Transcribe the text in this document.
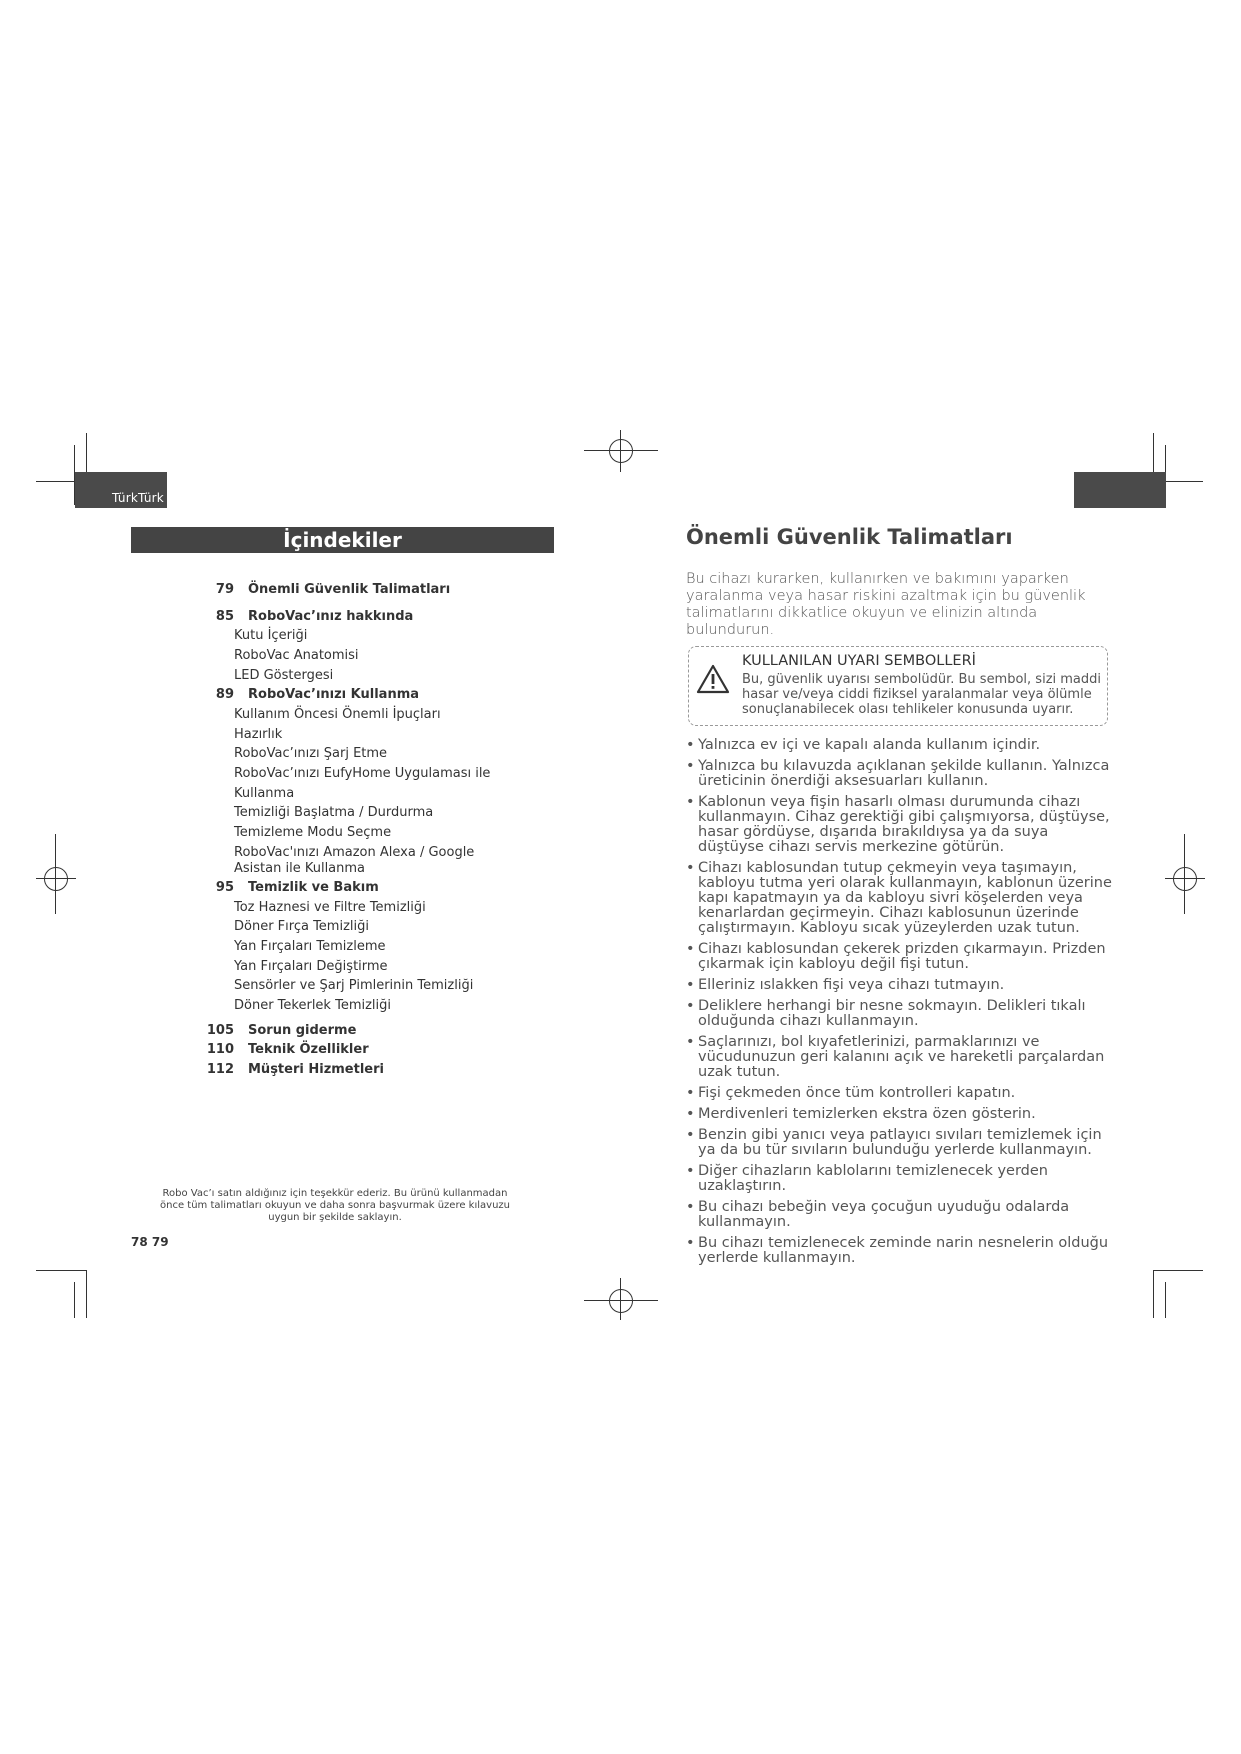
TürkTürk
İçindekiler
79 Önemli Güvenlik Talimatları
85 RoboVac’ınız hakkında
Kutu İçeriği
RoboVac Anatomisi
LED Göstergesi
89 RoboVac’ınızı Kullanma
Kullanım Öncesi Önemli İpuçları
Hazırlık
RoboVac’ınızı Şarj Etme
RoboVac’ınızı EufyHome Uygulaması ile
Kullanma
Temizliği Başlatma / Durdurma
Temizleme Modu Seçme
RoboVac'ınızı Amazon Alexa / Google
Asistan ile Kullanma
95 Temizlik ve Bakım
Toz Haznesi ve Filtre Temizliği
Döner Fırça Temizliği
Yan Fırçaları Temizleme
Yan Fırçaları Değiştirme
Sensörler ve Şarj Pimlerinin Temizliği
Döner Tekerlek Temizliği
105 Sorun giderme
110 Teknik Özellikler
112 Müşteri Hizmetleri
Robo Vac’ı satın aldığınız için teşekkür ederiz. Bu ürünü kullanmadan
önce tüm talimatları okuyun ve daha sonra başvurmak üzere kılavuzu
uygun bir şekilde saklayın.
78 79
Önemli Güvenlik Talimatları
Bu cihazı kurarken, kullanırken ve bakımını yaparken yaralanma veya hasar riskini azaltmak için bu güvenlik talimatlarını dikkatlice okuyun ve elinizin altında bulundurun.
KULLANILAN UYARI SEMBOLLERİ
Bu, güvenlik uyarısı sembolüdür. Bu sembol, sizi maddi hasar ve/veya ciddi fiziksel yaralanmalar veya ölümle sonuçlanabilecek olası tehlikeler konusunda uyarır.
• Yalnızca ev içi ve kapalı alanda kullanım içindir.
• Yalnızca bu kılavuzda açıklanan şekilde kullanın. Yalnızca üreticinin önerdiği aksesuarları kullanın.
• Kablonun veya fişin hasarlı olması durumunda cihazı kullanmayın. Cihaz gerektiği gibi çalışmıyorsa, düştüyse, hasar gördüyse, dışarıda bırakıldıysa ya da suya düştüyse cihazı servis merkezine götürün.
• Cihazı kablosundan tutup çekmeyin veya taşımayın, kabloyu tutma yeri olarak kullanmayın, kablonun üzerine kapı kapatmayın ya da kabloyu sivri köşelerden veya kenarlardan geçirmeyin. Cihazı kablosunun üzerinde çalıştırmayın. Kabloyu sıcak yüzeylerden uzak tutun.
• Cihazı kablosundan çekerek prizden çıkarmayın. Prizden çıkarmak için kabloyu değil fişi tutun.
• Elleriniz ıslakken fişi veya cihazı tutmayın.
• Deliklere herhangi bir nesne sokmayın. Delikleri tıkalı olduğunda cihazı kullanmayın.
• Saçlarınızı, bol kıyafetlerinizi, parmaklarınızı ve vücudunuzun geri kalanını açık ve hareketli parçalardan uzak tutun.
• Fişi çekmeden önce tüm kontrolleri kapatın.
• Merdivenleri temizlerken ekstra özen gösterin.
• Benzin gibi yanıcı veya patlayıcı sıvıları temizlemek için ya da bu tür sıvıların bulunduğu yerlerde kullanmayın.
• Diğer cihazların kablolarını temizlenecek yerden uzaklaştırın.
• Bu cihazı bebeğin veya çocuğun uyuduğu odalarda kullanmayın.
• Bu cihazı temizlenecek zeminde narin nesnelerin olduğu yerlerde kullanmayın.
